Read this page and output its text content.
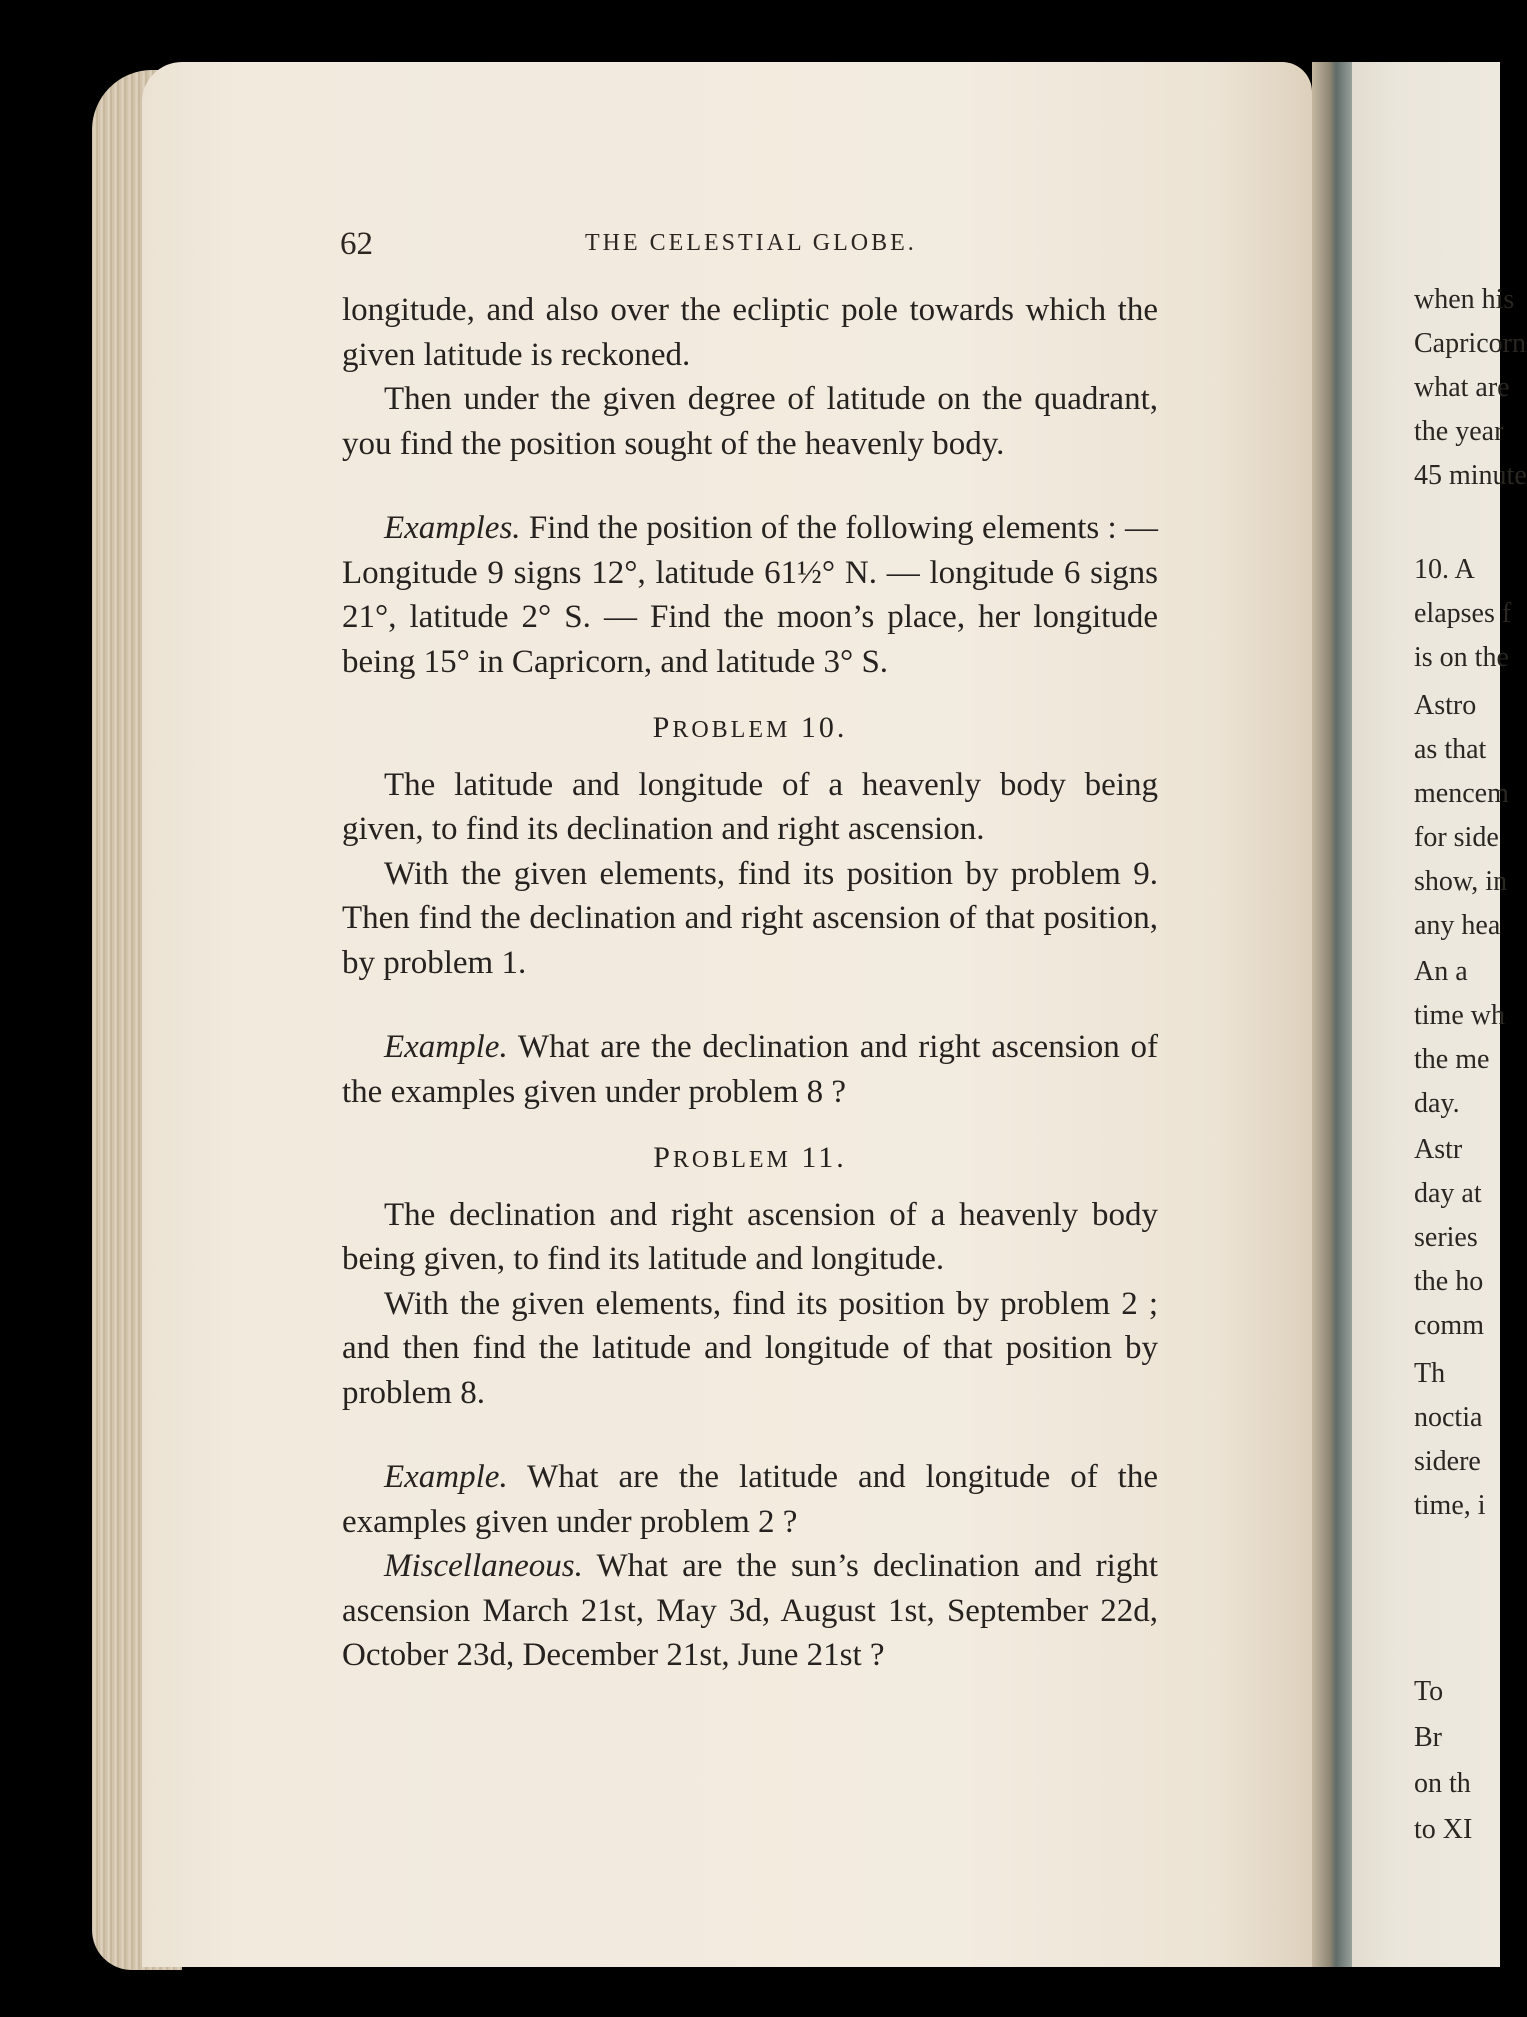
when his
Capricorn
what are
the year
45 minute
10. A
elapses f
is on the
Astro
as that
mencem
for side
show, in
any hea
An a
time wh
the me
day.
Astr
day at
series
the ho
comm
Th
noctia
sidere
time, i
To
Br
on th
to XI
62	THE CELESTIAL GLOBE.

longitude, and also over the ecliptic pole towards which the given latitude is reckoned.

Then under the given degree of latitude on the quadrant, you find the position sought of the heavenly body.

Examples. Find the position of the following elements : — Longitude 9 signs 12°, latitude 61½° N. — longitude 6 signs 21°, latitude 2° S. — Find the moon’s place, her longitude being 15° in Capricorn, and latitude 3° S.

PROBLEM 10.

The latitude and longitude of a heavenly body being given, to find its declination and right ascension.

With the given elements, find its position by problem 9. Then find the declination and right ascension of that position, by problem 1.

Example. What are the declination and right ascension of the examples given under problem 8 ?

PROBLEM 11.

The declination and right ascension of a heavenly body being given, to find its latitude and longitude.

With the given elements, find its position by problem 2 ; and then find the latitude and longitude of that position by problem 8.

Example. What are the latitude and longitude of the examples given under problem 2 ?

Miscellaneous. What are the sun’s declination and right ascension March 21st, May 3d, August 1st, September 22d, October 23d, December 21st, June 21st ?
